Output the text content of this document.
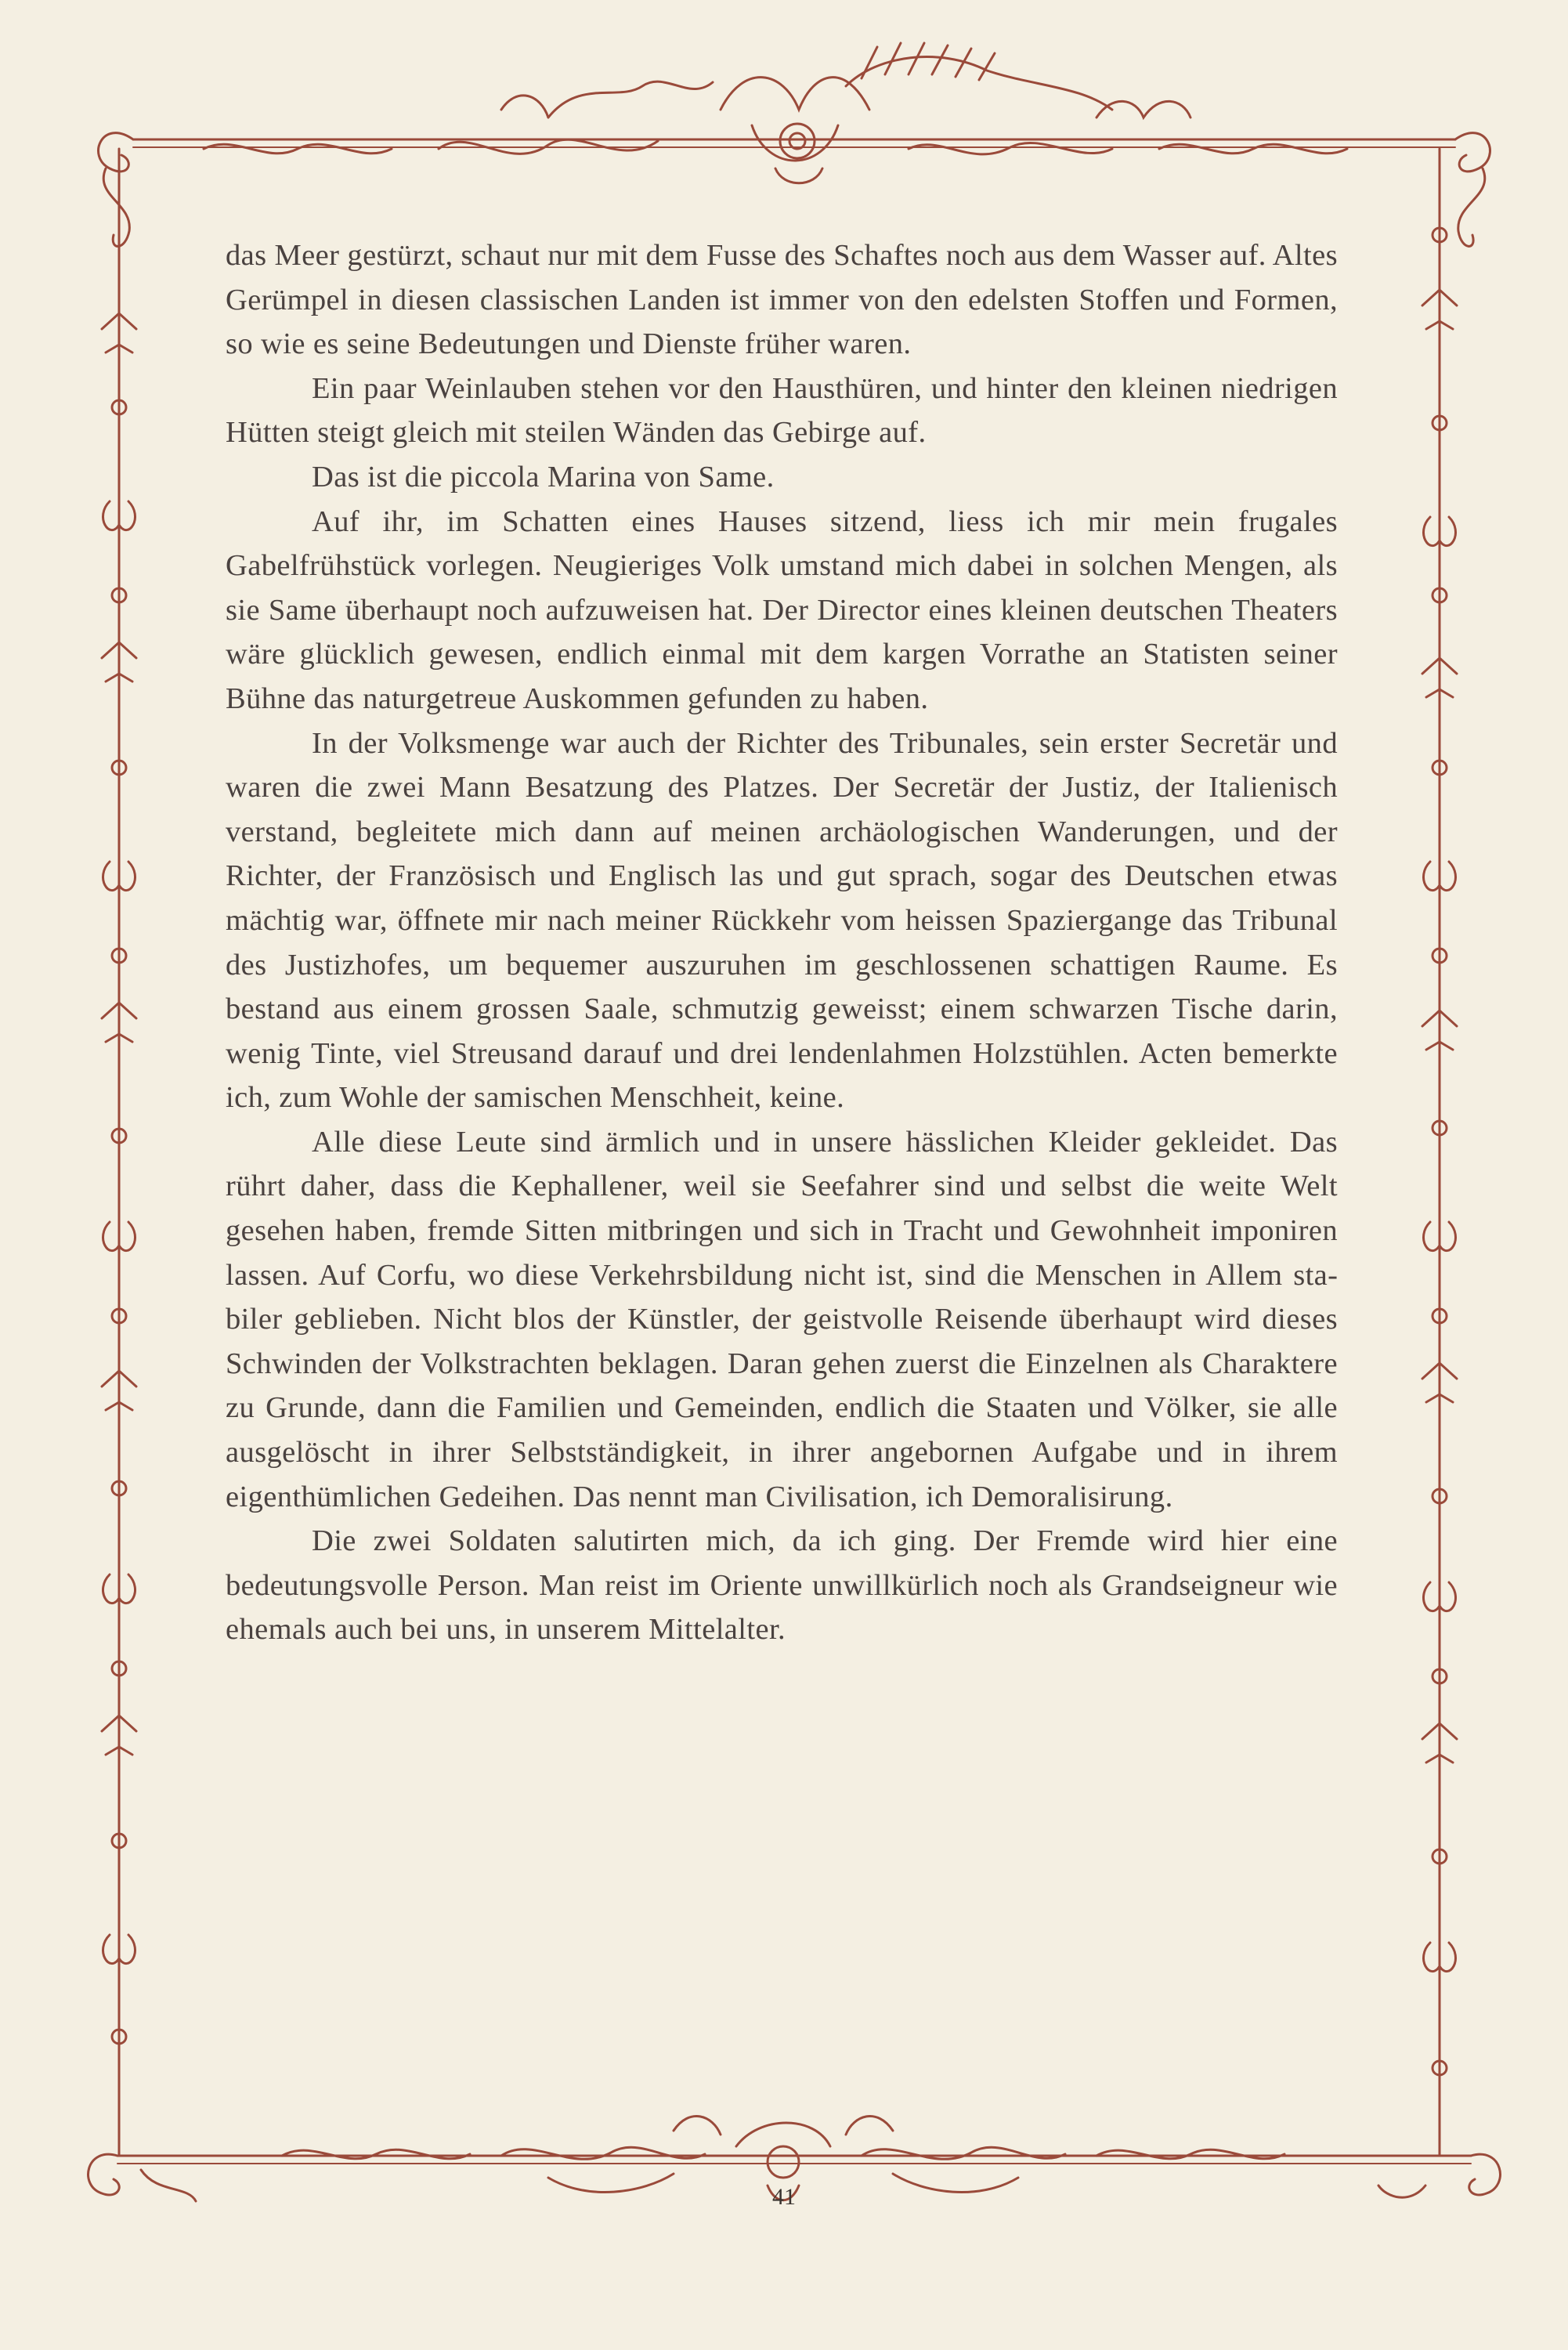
das Meer gestürzt, schaut nur mit dem Fusse des Schaftes noch aus dem Wasser auf. Altes Gerümpel in diesen classischen Landen ist immer von den edelsten Stoffen und Formen, so wie es seine Bedeutungen und Dienste früher waren.

Ein paar Weinlauben stehen vor den Hausthüren, und hinter den kleinen niedrigen Hütten steigt gleich mit steilen Wänden das Gebirge auf.

Das ist die piccola Marina von Same.

Auf ihr, im Schatten eines Hauses sitzend, liess ich mir mein frugales Gabelfrühstück vorlegen. Neugieriges Volk umstand mich dabei in solchen Mengen, als sie Same überhaupt noch aufzuweisen hat. Der Director eines kleinen deutschen Theaters wäre glücklich gewesen, endlich einmal mit dem kargen Vorrathe an Statisten seiner Bühne das naturgetreue Auskommen gefunden zu haben.

In der Volksmenge war auch der Richter des Tribunales, sein erster Secretär und waren die zwei Mann Besatzung des Platzes. Der Secretär der Justiz, der Italienisch verstand, begleitete mich dann auf meinen archäologischen Wanderungen, und der Richter, der Französisch und Englisch las und gut sprach, sogar des Deutschen etwas mächtig war, öffnete mir nach meiner Rückkehr vom heissen Spaziergange das Tribunal des Justizhofes, um bequemer auszuruhen im geschlossenen schattigen Raume. Es bestand aus einem grossen Saale, schmutzig geweisst; einem schwarzen Tische darin, wenig Tinte, viel Streusand darauf und drei lendenlahmen Holzstühlen. Acten bemerkte ich, zum Wohle der samischen Menschheit, keine.

Alle diese Leute sind ärmlich und in unsere hässlichen Kleider gekleidet. Das rührt daher, dass die Kephallener, weil sie Seefahrer sind und selbst die weite Welt gesehen haben, fremde Sitten mitbringen und sich in Tracht und Gewohnheit imponiren lassen. Auf Corfu, wo diese Verkehrsbildung nicht ist, sind die Menschen in Allem stabiler geblieben. Nicht blos der Künstler, der geistvolle Reisende überhaupt wird dieses Schwinden der Volkstrachten beklagen. Daran gehen zuerst die Einzelnen als Charaktere zu Grunde, dann die Familien und Gemeinden, endlich die Staaten und Völker, sie alle ausgelöscht in ihrer Selbstständigkeit, in ihrer angebornen Aufgabe und in ihrem eigenthümlichen Gedeihen. Das nennt man Civilisation, ich Demoralisirung.

Die zwei Soldaten salutirten mich, da ich ging. Der Fremde wird hier eine bedeutungsvolle Person. Man reist im Oriente unwillkürlich noch als Grandseigneur wie ehemals auch bei uns, in unserem Mittelalter.

41
